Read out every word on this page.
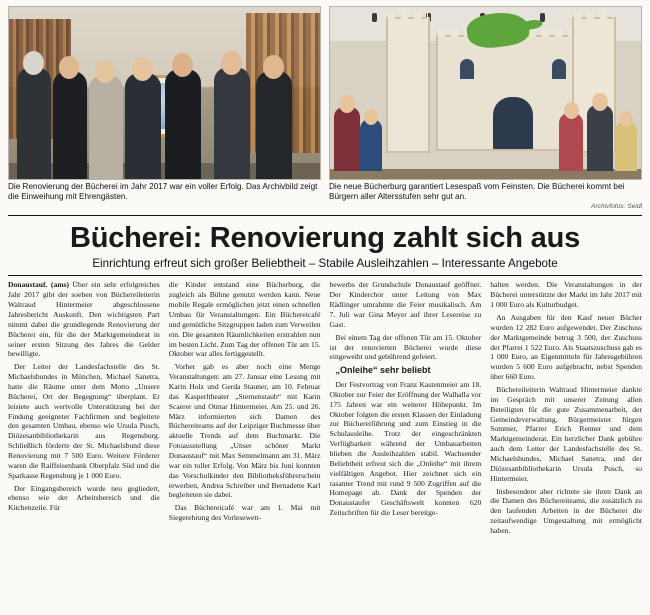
Die Renovierung der Bücherei im Jahr 2017 war ein voller Erfolg. Das Archivbild zeigt die Einweihung mit Ehrengästen.
Die neue Bücherburg garantiert Lesespaß vom Feinsten. Die Bücherei kommt bei Bürgern aller Altersstufen sehr gut an.
Archivfotos: Seidl
Bücherei: Renovierung zahlt sich aus
Einrichtung erfreut sich großer Beliebtheit – Stabile Ausleihzahlen – Interessante Angebote

Donaustauf. (ams) Über ein sehr erfolgreiches Jahr 2017 gibt der soeben von Büchereileiterin Waltraud Hintermeier abgeschlossene Jahresbericht Auskunft. Den wichtigsten Part nimmt dabei die grundlegende Renovierung der Bücherei ein, für die der Marktgemeinderat in seiner ersten Sitzung des Jahres die Gelder bewilligte.

Der Leiter der Landesfachstelle des St. Michaelsbundes in München, Michael Sanetra, hatte die Räume unter dem Motto „Unsere Bücherei, Ort der Begegnung“ überplant. Er leistete auch wertvolle Unterstützung bei der Findung geeigneter Fachfirmen und begleitete den gesamten Umbau, ebenso wie Ursula Pusch, Diözesanbibliothekarin aus Regensburg. Schließlich förderte der St. Michaelsbund diese Renovierung mit 7 500 Euro. Weitere Förderer waren die Raiffeisenbank Oberpfalz Süd und die Sparkasse Regensburg je 1 000 Euro.

Der Eingangsbereich wurde neu gegliedert, ebenso wie der Arbeitsbereich und die Küchenzeile. Für

die Kinder entstand eine Bücherburg, die zugleich als Bühne genutzt werden kann. Neue mobile Regale ermöglichen jetzt einen schnellen Umbau für Veranstaltungen. Ein Büchereicafé und gemütliche Sitzgruppen laden zum Verweilen ein. Die gesamten Räumlichkeiten erstrahlen nun im besten Licht. Zum Tag der offenen Tür am 15. Oktober war alles fertiggestellt.

Vorher gab es aber noch eine Menge Veranstaltungen: am 27. Januar eine Lesung mit Karin Holz und Gerda Stauner, am 10. Februar das Kasperltheater „Sternenstaub“ mit Karin Scaerer und Otmar Hintermeier. Am 25. und 26. März informierten sich Damen des Büchereiteams auf der Leipziger Buchmesse über aktuelle Trends auf dem Buchmarkt. Die Fotoausstellung „Unser schöner Markt Donaustauf“ mit Max Semmelmann am 31. März war ein toller Erfolg. Von März bis Juni konnten das Vorschulkinder den Bibliotheksführerschein erwerben, Andrea Schreiber und Bernadette Karl begleiteten sie dabei.

Das Büchereicafé war am 1. Mai mit Siegerehrung des Vorlesewett-

bewerbs der Grundschule Donaustauf geöffnet. Der Kinderchor unter Leitung von Max Rädlinger umrahmte die Feier musikalisch. Am 7. Juli war Gina Meyer auf ihrer Lesereise zu Gast.

Bei einem Tag der offenen Tür am 15. Oktober ist der renovierten Bücherei wurde diese eingeweiht und gebührend gefeiert.

„Onleihe“ sehr beliebt

Der Festvortrag von Franz Kastenmeier am 18. Oktober zur Feier der Eröffnung der Walhalla vor 175 Jahren war ein weiterer Höhepunkt. Im Oktober folgten die ersten Klassen der Einladung zur Büchereiführung und zum Einstieg in die Schulausleihe. Trotz der eingeschränkten Verfügbarkeit während der Umbauarbeiten blieben die Ausleihzahlen stabil. Wachsender Beliebtheit erfreut sich die „Onleihe“ mit ihrem vielfältigen Angebot. Hier zeichnet sich ein rasanter Trend mit rund 9 500 Zugriffen auf die Homepage ab. Dank der Spenden der Donaustaufer Geschäftswelt konnten 620 Zeitschriften für die Leser bereitge-

halten werden. Die Veranstaltungen in der Bücherei unterstützte der Markt im Jahr 2017 mit 1 000 Euro als Kulturbudget.

An Ausgaben für den Kauf neuer Bücher wurden 12 282 Euro aufgewendet. Der Zuschuss der Marktgemeinde betrug 3 500, der Zuschuss der Pfarrei 1 522 Euro. Als Staatszuschuss gab es 1 000 Euro, an Eigenmitteln für Jahresgebühren wurden 5 600 Euro aufgebracht, nebst Spenden über 660 Euro.

Büchereileiterin Waltraud Hintermeier dankte im Gespräch mit unserer Zeitung allen Beteiligten für die gute Zusammenarbeit, der Gemeindeverwaltung, Bürgermeister Jürgen Sommer, Pfarrer Erich Renner und dem Marktgemeinderat. Ein herzlicher Dank gebühre auch dem Leiter der Landesfachstelle des St. Michaelsbundes, Michael Sanetra, und der Diözesanbibliothekarin Ursula Pusch, so Hintermeier.

Insbesondere aber richtete sie ihren Dank an die Damen des Büchereiteams, die zusätzlich zu den laufenden Arbeiten in der Bücherei die zeitaufwendige Umgestaltung mit ermöglicht haben.
